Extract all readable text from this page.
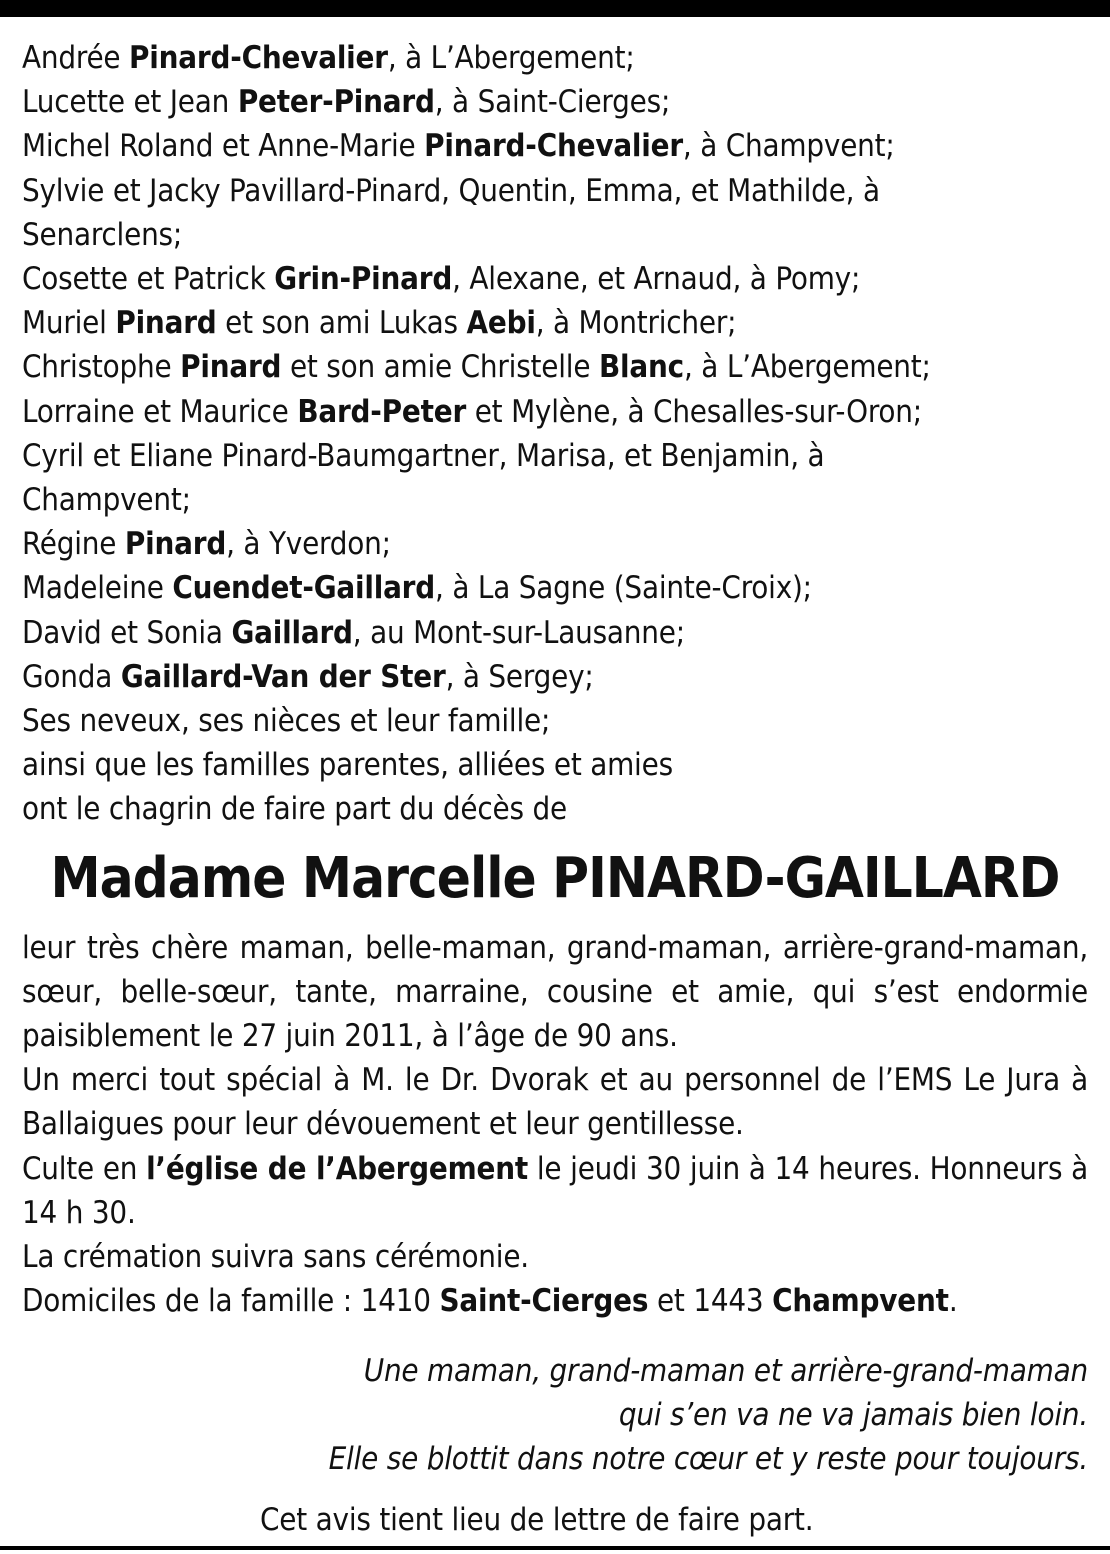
Andrée Pinard-Chevalier, à L’Abergement;
Lucette et Jean Peter-Pinard, à Saint-Cierges;
Michel Roland et Anne-Marie Pinard-Chevalier, à Champvent;
Sylvie et Jacky Pavillard-Pinard, Quentin, Emma, et Mathilde, à Senarclens;
Cosette et Patrick Grin-Pinard, Alexane, et Arnaud, à Pomy;
Muriel Pinard et son ami Lukas Aebi, à Montricher;
Christophe Pinard et son amie Christelle Blanc, à L’Abergement;
Lorraine et Maurice Bard-Peter et Mylène, à Chesalles-sur-Oron;
Cyril et Eliane Pinard-Baumgartner, Marisa, et Benjamin, à Champvent;
Régine Pinard, à Yverdon;
Madeleine Cuendet-Gaillard, à La Sagne (Sainte-Croix);
David et Sonia Gaillard, au Mont-sur-Lausanne;
Gonda Gaillard-Van der Ster, à Sergey;
Ses neveux, ses nièces et leur famille;
ainsi que les familles parentes, alliées et amies
ont le chagrin de faire part du décès de
Madame Marcelle PINARD-GAILLARD
leur très chère maman, belle-maman, grand-maman, arrière-grand-maman, sœur, belle-sœur, tante, marraine, cousine et amie, qui s’est endormie paisiblement le 27 juin 2011, à l’âge de 90 ans.
Un merci tout spécial à M. le Dr. Dvorak et au personnel de l’EMS Le Jura à Ballaigues pour leur dévouement et leur gentillesse.
Culte en l’église de l’Abergement le jeudi 30 juin à 14 heures. Honneurs à 14 h 30.
La crémation suivra sans cérémonie.
Domiciles de la famille : 1410 Saint-Cierges et 1443 Champvent.
Une maman, grand-maman et arrière-grand-maman
qui s’en va ne va jamais bien loin.
Elle se blottit dans notre cœur et y reste pour toujours.
Cet avis tient lieu de lettre de faire part.
